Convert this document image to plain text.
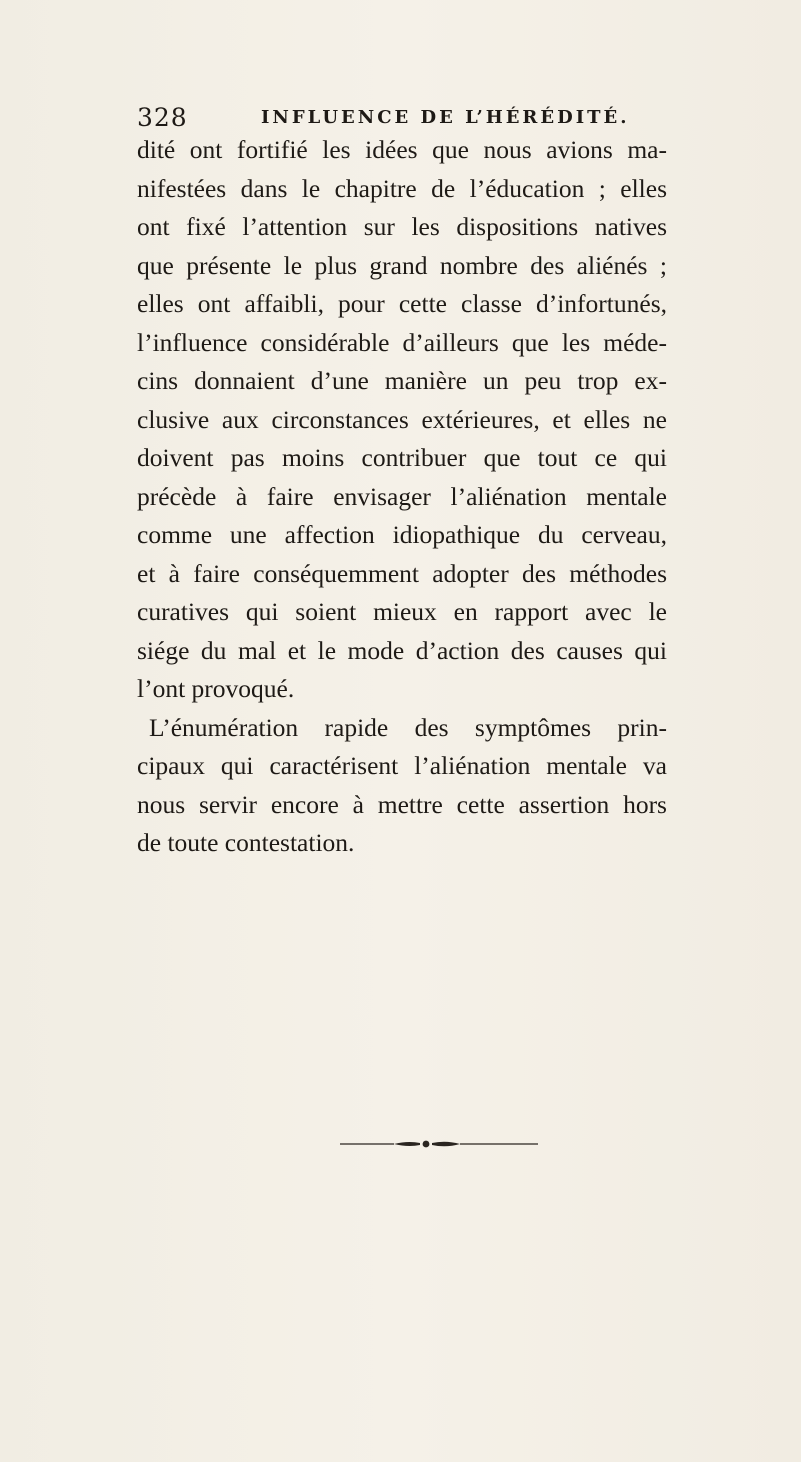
328	INFLUENCE DE L’HÉRÉDITÉ.
dité ont fortifié les idées que nous avions ma-
nifestées dans le chapitre de l’éducation ; elles
ont fixé l’attention sur les dispositions natives
que présente le plus grand nombre des aliénés ;
elles ont affaibli, pour cette classe d’infortunés,
l’influence considérable d’ailleurs que les méde-
cins donnaient d’une manière un peu trop ex-
clusive aux circonstances extérieures, et elles ne
doivent pas moins contribuer que tout ce qui
précède à faire envisager l’aliénation mentale
comme une affection idiopathique du cerveau,
et à faire conséquemment adopter des méthodes
curatives qui soient mieux en rapport avec le
siége du mal et le mode d’action des causes qui
l’ont provoqué.
L’énumération rapide des symptômes prin-
cipaux qui caractérisent l’aliénation mentale va
nous servir encore à mettre cette assertion hors
de toute contestation.
